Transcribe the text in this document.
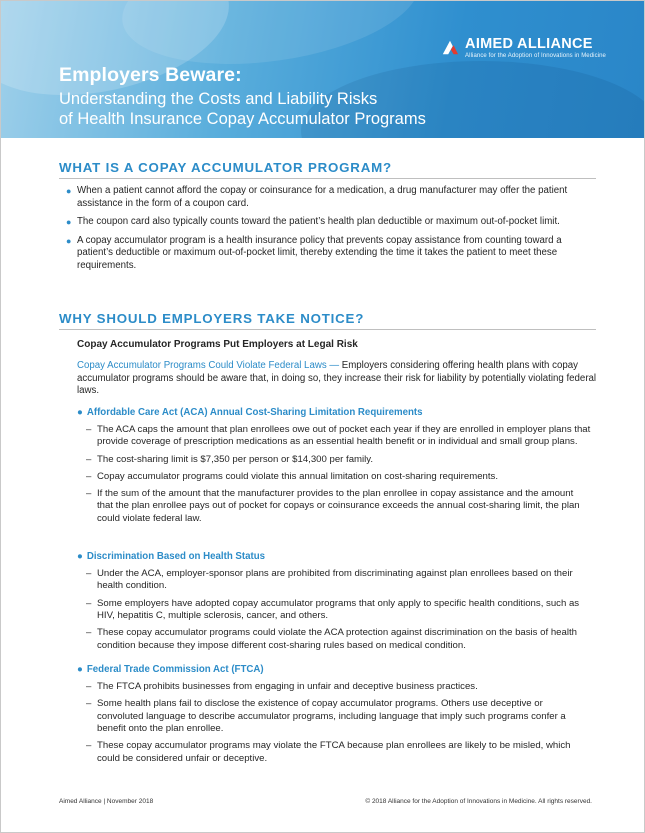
AIMED ALLIANCE
Alliance for the Adoption of Innovations in Medicine
Employers Beware:
Understanding the Costs and Liability Risks
of Health Insurance Copay Accumulator Programs
WHAT IS A COPAY ACCUMULATOR PROGRAM?
● When a patient cannot afford the copay or coinsurance for a medication, a drug manufacturer may offer the patient assistance in the form of a coupon card.
● The coupon card also typically counts toward the patient’s health plan deductible or maximum out-of-pocket limit.
● A copay accumulator program is a health insurance policy that prevents copay assistance from counting toward a patient’s deductible or maximum out-of-pocket limit, thereby extending the time it takes the patient to meet these requirements.
WHY SHOULD EMPLOYERS TAKE NOTICE?
Copay Accumulator Programs Put Employers at Legal Risk
Copay Accumulator Programs Could Violate Federal Laws — Employers considering offering health plans with copay accumulator programs should be aware that, in doing so, they increase their risk for liability by potentially violating federal laws.
● Affordable Care Act (ACA) Annual Cost-Sharing Limitation Requirements
– The ACA caps the amount that plan enrollees owe out of pocket each year if they are enrolled in employer plans that provide coverage of prescription medications as an essential health benefit or in individual and small group plans.
– The cost-sharing limit is $7,350 per person or $14,300 per family.
– Copay accumulator programs could violate this annual limitation on cost-sharing requirements.
– If the sum of the amount that the manufacturer provides to the plan enrollee in copay assistance and the amount that the plan enrollee pays out of pocket for copays or coinsurance exceeds the annual cost-sharing limit, the plan could violate federal law.
● Discrimination Based on Health Status
– Under the ACA, employer-sponsor plans are prohibited from discriminating against plan enrollees based on their health condition.
– Some employers have adopted copay accumulator programs that only apply to specific health conditions, such as HIV, hepatitis C, multiple sclerosis, cancer, and others.
– These copay accumulator programs could violate the ACA protection against discrimination on the basis of health condition because they impose different cost-sharing rules based on medical condition.
● Federal Trade Commission Act (FTCA)
– The FTCA prohibits businesses from engaging in unfair and deceptive business practices.
– Some health plans fail to disclose the existence of copay accumulator programs. Others use deceptive or convoluted language to describe accumulator programs, including language that imply such programs confer a benefit onto the plan enrollee.
– These copay accumulator programs may violate the FTCA because plan enrollees are likely to be misled, which could be considered unfair or deceptive.
Aimed Alliance | November 2018	© 2018 Alliance for the Adoption of Innovations in Medicine. All rights reserved.
